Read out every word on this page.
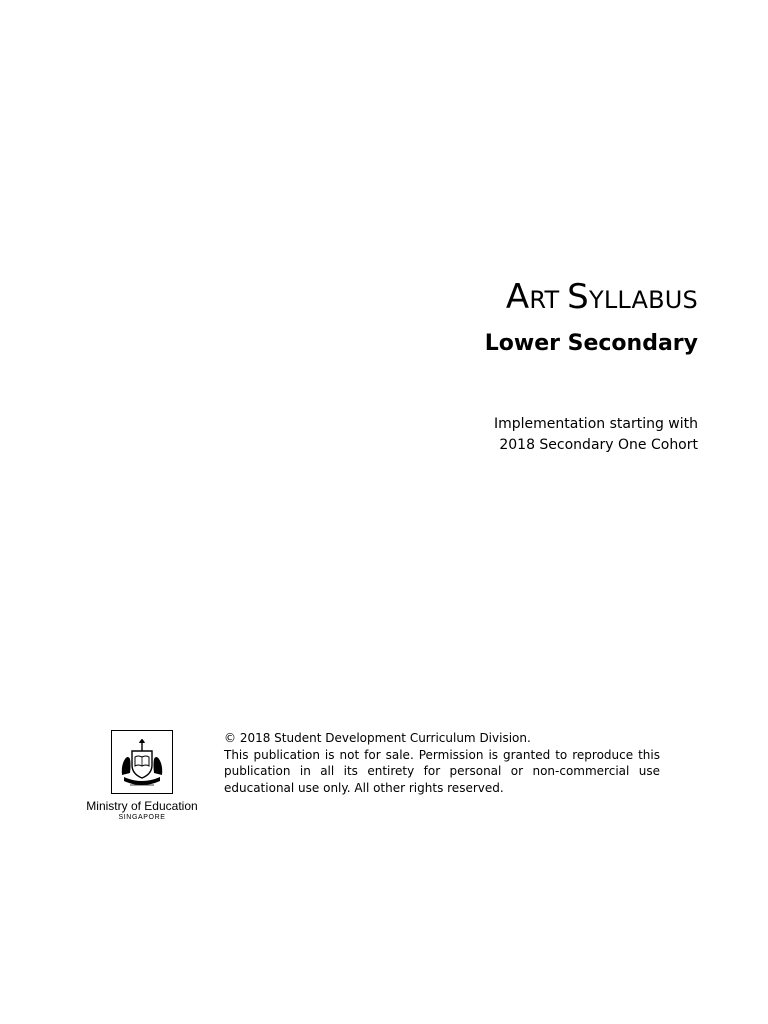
ART SYLLABUS
Lower Secondary
Implementation starting with
2018 Secondary One Cohort
Ministry of Education
SINGAPORE

© 2018 Student Development Curriculum Division.

This publication is not for sale. Permission is granted to reproduce this publication in all its entirety for personal or non-commercial use educational use only. All other rights reserved.
